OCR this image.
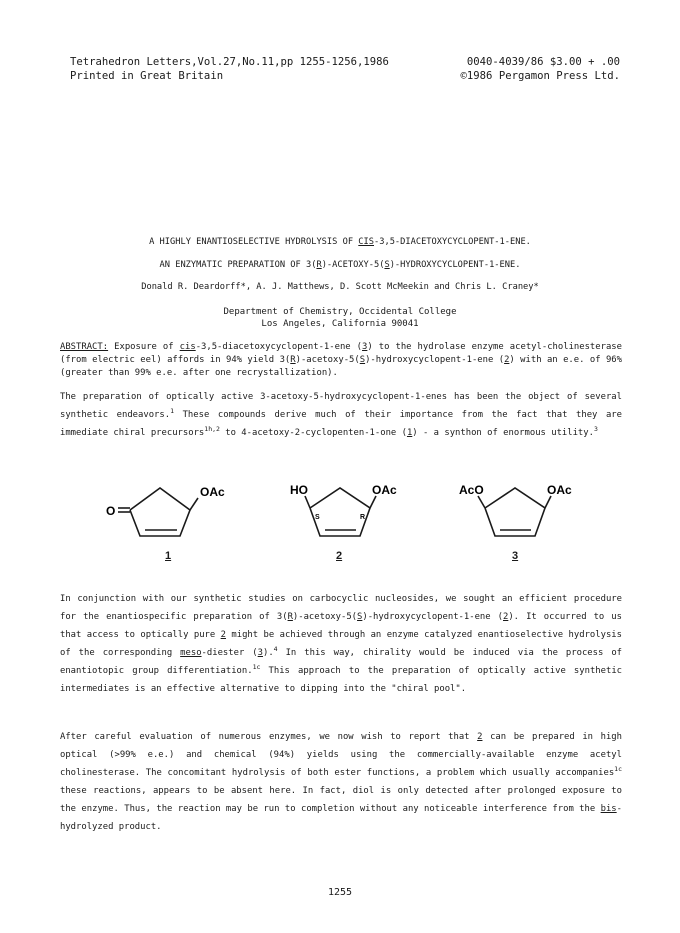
Tetrahedron Letters,Vol.27,No.11,pp 1255-1256,1986
Printed in Great Britain
0040-4039/86 $3.00 + .00
©1986 Pergamon Press Ltd.
A HIGHLY ENANTIOSELECTIVE HYDROLYSIS OF CIS-3,5-DIACETOXYCYCLOPENT-1-ENE.
AN ENZYMATIC PREPARATION OF 3(R)-ACETOXY-5(S)-HYDROXYCYCLOPENT-1-ENE.
Donald R. Deardorff*, A. J. Matthews, D. Scott McMeekin and Chris L. Craney*
Department of Chemistry, Occidental College
Los Angeles, California 90041
ABSTRACT: Exposure of cis-3,5-diacetoxycyclopent-1-ene (3) to the hydrolase enzyme acetyl-cholinesterase (from electric eel) affords in 94% yield 3(R)-acetoxy-5(S)-hydroxycyclopent-1-ene (2) with an e.e. of 96% (greater than 99% e.e. after one recrystallization).
The preparation of optically active 3-acetoxy-5-hydroxycyclopent-1-enes has been the object of several synthetic endeavors.$^1$ These compounds derive much of their importance from the fact that they are immediate chiral precursors$^{1h,2}$ to 4-acetoxy-2-cyclopenten-1-one (1) - a synthon of enormous utility.$^3$
OAc
O
HO	OAc
S	R
AcO	OAc
1	2	3
In conjunction with our synthetic studies on carbocyclic nucleosides, we sought an efficient procedure for the enantiospecific preparation of 3(R)-acetoxy-5(S)-hydroxycyclopent-1-ene (2). It occurred to us that access to optically pure 2 might be achieved through an enzyme catalyzed enantioselective hydrolysis of the corresponding meso-diester (3).$^4$ In this way, chirality would be induced via the process of enantiotopic group differentiation.$^{1c}$ This approach to the preparation of optically active synthetic intermediates is an effective alternative to dipping into the "chiral pool".
After careful evaluation of numerous enzymes, we now wish to report that 2 can be prepared in high optical (>99% e.e.) and chemical (94%) yields using the commercially-available enzyme acetyl cholinesterase. The concomitant hydrolysis of both ester functions, a problem which usually accompanies$^{1c}$ these reactions, appears to be absent here. In fact, diol is only detected after prolonged exposure to the enzyme. Thus, the reaction may be run to completion without any noticeable interference from the bis-hydrolyzed product.
1255
